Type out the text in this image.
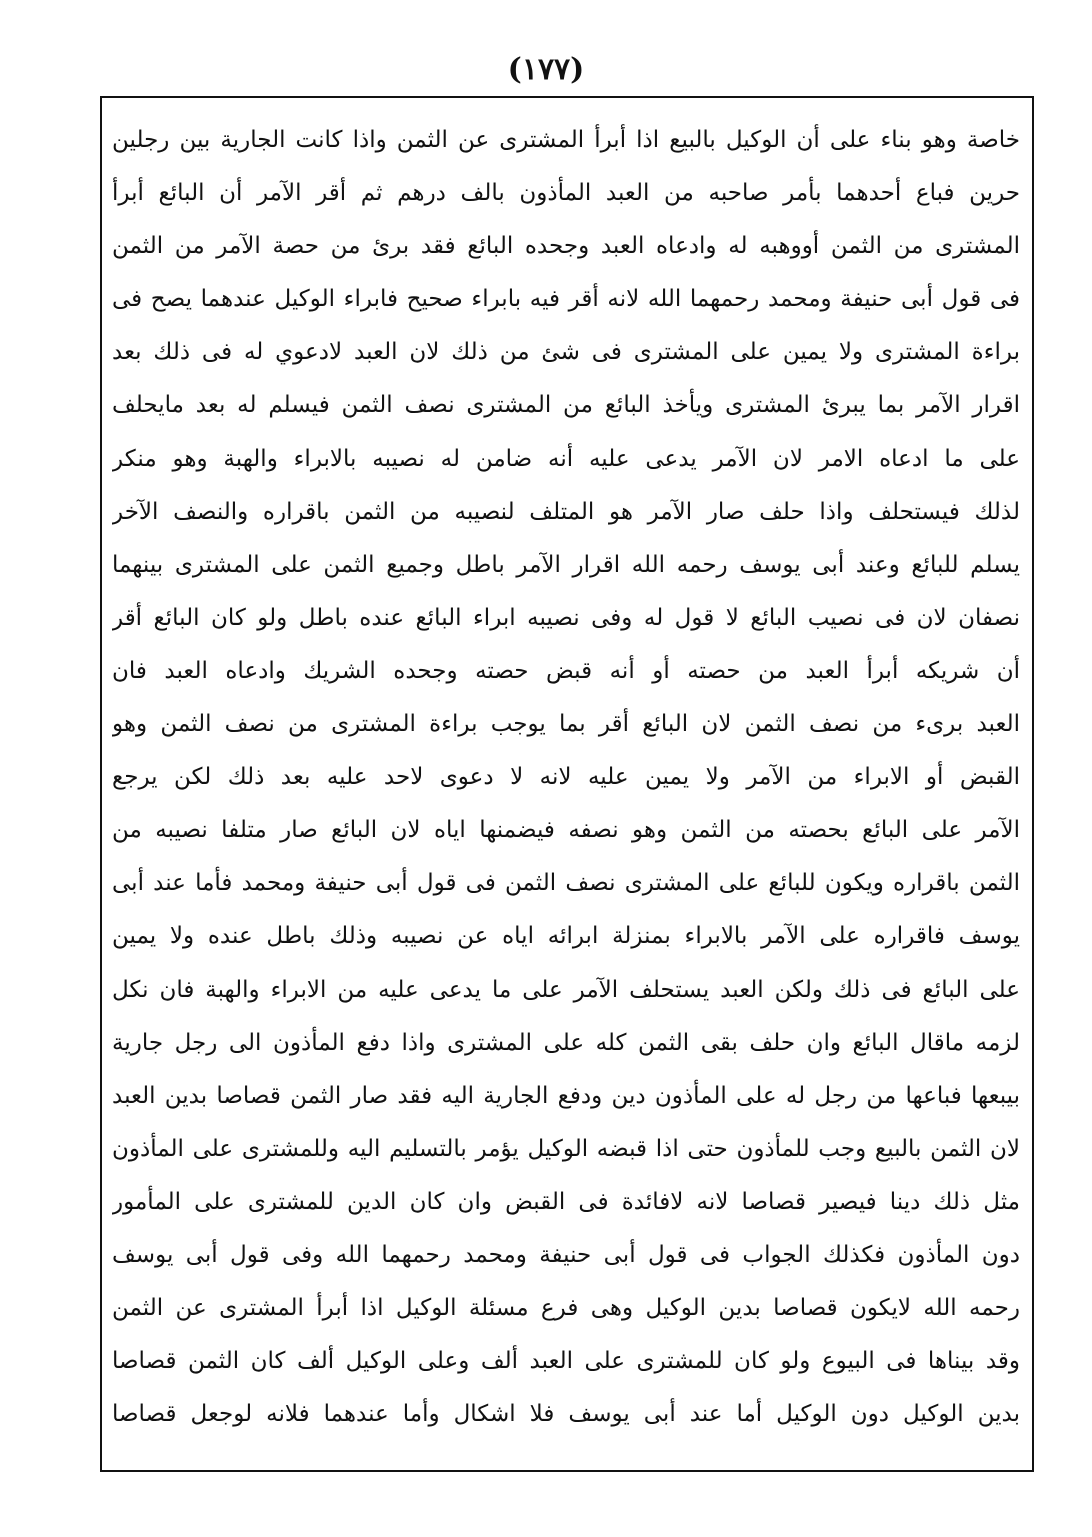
(١٧٧)
خاصة وهو بناء على أن الوكيل بالبيع اذا أبرأ المشترى عن الثمن واذا كانت الجارية بين رجلين
حرين فباع أحدهما بأمر صاحبه من العبد المأذون بالف درهم ثم أقر الآمر أن البائع أبرأ
المشترى من الثمن أووهبه له وادعاه العبد وجحده البائع فقد برئ من حصة الآمر من الثمن
فى قول أبى حنيفة ومحمد رحمهما الله لانه أقر فيه بابراء صحيح فابراء الوكيل عندهما يصح فى
براءة المشترى ولا يمين على المشترى فى شئ من ذلك لان العبد لادعوي له فى ذلك بعد
اقرار الآمر بما يبرئ المشترى ويأخذ البائع من المشترى نصف الثمن فيسلم له بعد مايحلف
على ما ادعاه الامر لان الآمر يدعى عليه أنه ضامن له نصيبه بالابراء والهبة وهو منكر
لذلك فيستحلف واذا حلف صار الآمر هو المتلف لنصيبه من الثمن باقراره والنصف الآخر
يسلم للبائع وعند أبى يوسف رحمه الله اقرار الآمر باطل وجميع الثمن على المشترى بينهما
نصفان لان فى نصيب البائع لا قول له وفى نصيبه ابراء البائع عنده باطل ولو كان البائع أقر
أن شريكه أبرأ العبد من حصته أو أنه قبض حصته وجحده الشريك وادعاه العبد فان
العبد برىء من نصف الثمن لان البائع أقر بما يوجب براءة المشترى من نصف الثمن وهو
القبض أو الابراء من الآمر ولا يمين عليه لانه لا دعوى لاحد عليه بعد ذلك لكن يرجع
الآمر على البائع بحصته من الثمن وهو نصفه فيضمنها اياه لان البائع صار متلفا نصيبه من
الثمن باقراره ويكون للبائع على المشترى نصف الثمن فى قول أبى حنيفة ومحمد فأما عند أبى
يوسف فاقراره على الآمر بالابراء بمنزلة ابرائه اياه عن نصيبه وذلك باطل عنده ولا يمين
على البائع فى ذلك ولكن العبد يستحلف الآمر على ما يدعى عليه من الابراء والهبة فان نكل
لزمه ماقال البائع وان حلف بقى الثمن كله على المشترى واذا دفع المأذون الى رجل جارية
بيبعها فباعها من رجل له على المأذون دين ودفع الجارية اليه فقد صار الثمن قصاصا بدين العبد
لان الثمن بالبيع وجب للمأذون حتى اذا قبضه الوكيل يؤمر بالتسليم اليه وللمشترى على المأذون
مثل ذلك دينا فيصير قصاصا لانه لافائدة فى القبض وان كان الدين للمشترى على المأمور
دون المأذون فكذلك الجواب فى قول أبى حنيفة ومحمد رحمهما الله وفى قول أبى يوسف
رحمه الله لايكون قصاصا بدين الوكيل وهى فرع مسئلة الوكيل اذا أبرأ المشترى عن الثمن
وقد بيناها فى البيوع ولو كان للمشترى على العبد ألف وعلى الوكيل ألف كان الثمن قصاصا
بدين الوكيل دون الوكيل أما عند أبى يوسف فلا اشكال وأما عندهما فلانه لوجعل قصاصا
